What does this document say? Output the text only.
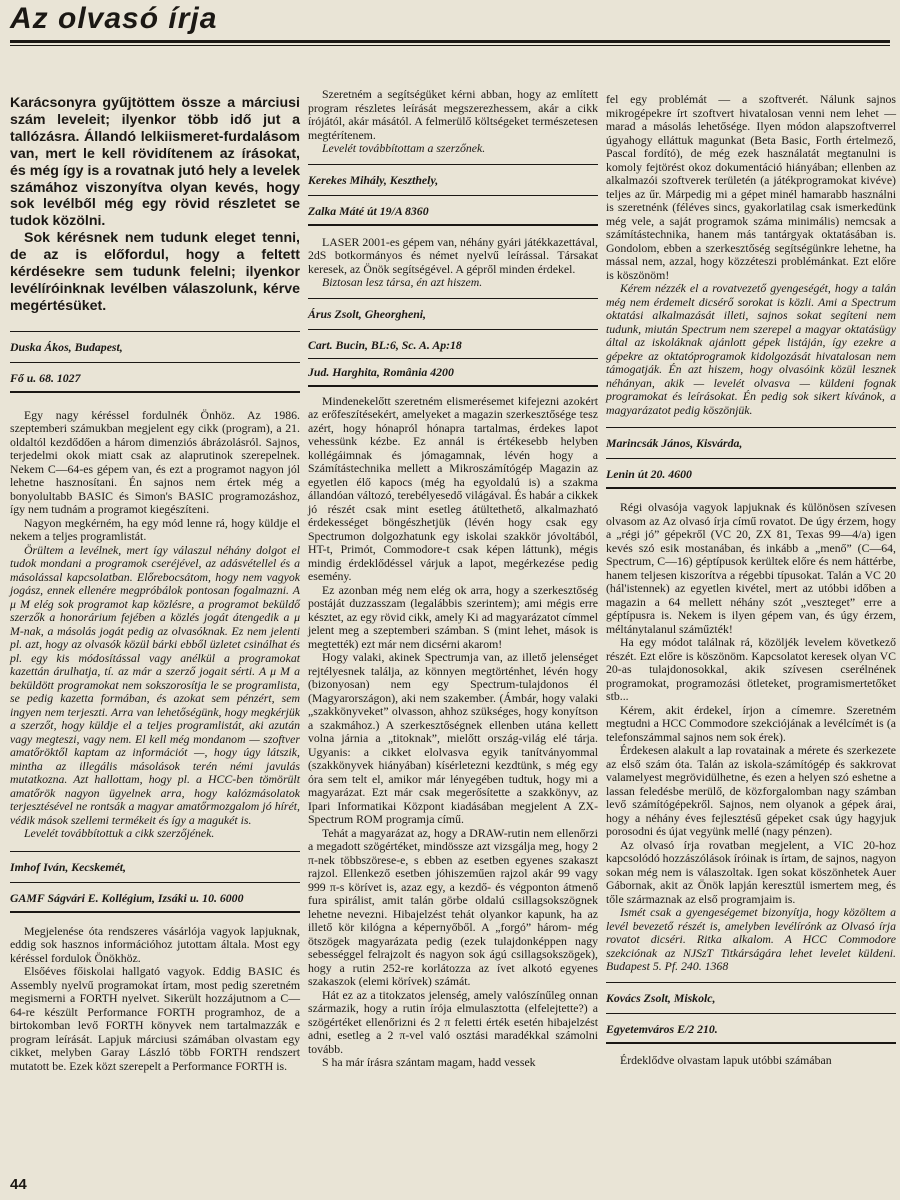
Az olvasó írja

Karácsonyra gyűjtöttem össze a márciusi szám leveleit; ilyenkor több idő jut a tallózásra. Állandó lelkiismeret-furdalásom van, mert le kell rövidítenem az írásokat, és még így is a rovatnak jutó hely a levelek számához viszonyítva olyan kevés, hogy sok levélből még egy rövid részletet se tudok közölni.

Sok kérésnek nem tudunk eleget tenni, de az is előfordul, hogy a feltett kérdésekre sem tudunk felelni; ilyenkor levélíróinknak levélben válaszolunk, kérve megértésüket.

Duska Ákos, Budapest,

Fő u. 68. 1027

Egy nagy kéréssel fordulnék Önhöz. Az 1986. szeptemberi számukban megjelent egy cikk (program), a 21. oldaltól kezdődően a három dimenziós ábrázolásról. Sajnos, terjedelmi okok miatt csak az alaprutinok szerepelnek. Nekem C—64-es gépem van, és ezt a programot nagyon jól lehetne hasznosítani. Én sajnos nem értek még a bonyolultabb BASIC és Simon's BASIC programozáshoz, így nem tudnám a programot kiegészíteni.

Nagyon megkérném, ha egy mód lenne rá, hogy küldje el nekem a teljes programlistát.

Örültem a levélnek, mert így válaszul néhány dolgot el tudok mondani a programok cseréjével, az adásvétellel és a másolással kapcsolatban. Előrebocsátom, hogy nem vagyok jogász, ennek ellenére megpróbálok pontosan fogalmazni. A μ M elég sok programot kap közlésre, a programot beküldő szerzők a honorárium fejében a közlés jogát átengedik a μ M-nak, a másolás jogát pedig az olvasóknak. Ez nem jelenti pl. azt, hogy az olvasók közül bárki ebből üzletet csinálhat és pl. egy kis módosítással vagy anélkül a programokat kazettán árulhatja, tí. az már a szerző jogait sérti. A μ M a beküldött programokat nem sokszorosítja le se programlista, se pedig kazetta formában, és azokat sem pénzért, sem ingyen nem terjeszti. Arra van lehetőségünk, hogy megkérjük a szerzőt, hogy küldje el a teljes programlistát, aki azután vagy megteszi, vagy nem. El kell még mondanom — szoftver amatőröktől kaptam az információt —, hogy úgy látszik, mintha az illegális másolások terén némi javulás mutatkozna. Azt hallottam, hogy pl. a HCC-ben tömörült amatőrök nagyon ügyelnek arra, hogy kalózmásolatok terjesztésével ne rontsák a magyar amatőrmozgalom jó hírét, védik mások szellemi termékeit és így a magukét is.

Levelét továbbítottuk a cikk szerzőjének.

Imhof Iván, Kecskemét,

GAMF Ságvári E. Kollégium, Izsáki u. 10. 6000

Megjelenése óta rendszeres vásárlója vagyok lapjuknak, eddig sok hasznos információhoz jutottam általa. Most egy kéréssel fordulok Önökhöz.

Elsőéves főiskolai hallgató vagyok. Eddig BASIC és Assembly nyelvű programokat írtam, most pedig szeretném megismerni a FORTH nyelvet. Sikerült hozzájutnom a C—64-re készült Performance FORTH programhoz, de a birtokomban levő FORTH könyvek nem tartalmazzák e program leírását. Lapjuk márciusi számában olvastam egy cikket, melyben Garay László több FORTH rendszert mutatott be. Ezek közt szerepelt a Performance FORTH is.

Szeretném a segítségüket kérni abban, hogy az említett program részletes leírását megszerezhessem, akár a cikk írójától, akár másától. A felmerülő költségeket természetesen megtérítenem.

Levelét továbbítottam a szerzőnek.

Kerekes Mihály, Keszthely,

Zalka Máté út 19/A 8360

LASER 2001-es gépem van, néhány gyári játékkazettával, 2dS botkormányos és német nyelvű leírással. Társakat keresek, az Önök segítségével. A gépről minden érdekel.

Biztosan lesz társa, én azt hiszem.

Árus Zsolt, Gheorgheni,

Cart. Bucin, BL:6, Sc. A. Ap:18

Jud. Harghita, România 4200

Mindenekelőtt szeretném elismerésemet kifejezni azokért az erőfeszítésekért, amelyeket a magazin szerkesztősége tesz azért, hogy hónapról hónapra tartalmas, érdekes lapot vehessünk kézbe. Ez annál is értékesebb helyben kollégáimnak és jómagamnak, lévén hogy a Számítástechnika mellett a Mikroszámítógép Magazin az egyetlen élő kapocs (még ha egyoldalú is) a szakma állandóan változó, terebélyesedő világával. És habár a cikkek jó részét csak mint esetleg átültethető, alkalmazható érdekességet böngészhetjük (lévén hogy csak egy Spectrumon dolgozhatunk egy iskolai szakkör jóvoltából, HT-t, Primót, Commodore-t csak képen láttunk), mégis mindig érdeklődéssel várjuk a lapot, megérkezése pedig esemény.

Ez azonban még nem elég ok arra, hogy a szerkesztőség postáját duzzasszam (legalábbis szerintem); ami mégis erre késztet, az egy rövid cikk, amely Ki ad magyarázatot címmel jelent meg a szeptemberi számban. S (mint lehet, mások is megtették) ezt már nem dicsérni akarom!

Hogy valaki, akinek Spectrumja van, az illető jelenséget rejtélyesnek találja, az könnyen megtörténhet, lévén hogy (bizonyosan) nem egy Spectrum-tulajdonos él (Magyarországon), aki nem szakember. (Ámbár, hogy valaki „szakkönyveket” olvasson, ahhoz szükséges, hogy konyítson a szakmához.) A szerkesztőségnek ellenben utána kellett volna járnia a „titoknak”, mielőtt ország-világ elé tárja. Ugyanis: a cikket elolvasva egyik tanítványommal (szakkönyvek hiányában) kísérletezni kezdtünk, s még egy óra sem telt el, amikor már lényegében tudtuk, hogy mi a magyarázat. Ezt már csak megerősítette a szakkönyv, az Ipari Informatikai Központ kiadásában megjelent A ZX-Spectrum ROM programja című.

Tehát a magyarázat az, hogy a DRAW-rutin nem ellenőrzi a megadott szögértéket, mindössze azt vizsgálja meg, hogy 2 π-nek többszörese-e, s ebben az esetben egyenes szakaszt rajzol. Ellenkező esetben jóhiszeműen rajzol akár 99 vagy 999 π-s körívet is, azaz egy, a kezdő- és végponton átmenő fura spirálist, amit talán görbe oldalú csillagsokszögnek lehetne nevezni. Hibajelzést tehát olyankor kapunk, ha az illető kör kilógna a képernyőből. A „forgó” három- még ötszögek magyarázata pedig (ezek tulajdonképpen nagy sebességgel felrajzolt és nagyon sok ágú csillagsokszögek), hogy a rutin 252-re korlátozza az ívet alkotó egyenes szakaszok (elemi körívek) számát.

Hát ez az a titokzatos jelenség, amely valószínűleg onnan származik, hogy a rutin írója elmulasztotta (elfelejtette?) a szögértéket ellenőrizni és 2 π feletti érték esetén hibajelzést adni, esetleg a 2 π-vel való osztási maradékkal számolni tovább.

S ha már írásra szántam magam, hadd vessek

fel egy problémát — a szoftverét. Nálunk sajnos mikrogépekre írt szoftvert hivatalosan venni nem lehet — marad a másolás lehetősége. Ilyen módon alapszoftverrel úgyahogy elláttuk magunkat (Beta Basic, Forth értelmező, Pascal fordító), de még ezek használatát megtanulni is komoly fejtörést okoz dokumentáció hiányában; ellenben az alkalmazói szoftverek területén (a játékprogramokat kivéve) teljes az űr. Márpedig mi a gépet minél hamarabb használni is szeretnénk (féléves sincs, gyakorlatilag csak ismerkedünk még vele, a saját programok száma minimális) nemcsak a számítástechnika, hanem más tantárgyak oktatásában is. Gondolom, ebben a szerkesztőség segítségünkre lehetne, ha mással nem, azzal, hogy közzéteszi problémánkat. Ezt előre is köszönöm!

Kérem nézzék el a rovatvezető gyengeségét, hogy a talán még nem érdemelt dicsérő sorokat is közli. Ami a Spectrum oktatási alkalmazását illeti, sajnos sokat segíteni nem tudunk, miután Spectrum nem szerepel a magyar oktatásügy által az iskoláknak ajánlott gépek listáján, így ezekre a gépekre az oktatóprogramok kidolgozását hivatalosan nem támogatják. Én azt hiszem, hogy olvasóink közül lesznek néhányan, akik — levelét olvasva — küldeni fognak programokat és leírásokat. Én pedig sok sikert kívánok, a magyarázatot pedig köszönjük.

Marincsák János, Kisvárda,

Lenin út 20. 4600

Régi olvasója vagyok lapjuknak és különösen szívesen olvasom az Az olvasó írja című rovatot. De úgy érzem, hogy a „régi jó” gépekről (VC 20, ZX 81, Texas 99—4/a) igen kevés szó esik mostanában, és inkább a „menő” (C—64, Spectrum, C—16) géptípusok kerültek előre és nem háttérbe, hanem teljesen kiszorítva a régebbi típusokat. Talán a VC 20 (hál'istennek) az egyetlen kivétel, mert az utóbbi időben a magazin a 64 mellett néhány szót „veszteget” erre a géptípusra is. Nekem is ilyen gépem van, és úgy érzem, méltánytalanul száműzték!

Ha egy módot találnak rá, közöljék levelem következő részét. Ezt előre is köszönöm. Kapcsolatot keresek olyan VC 20-as tulajdonosokkal, akik szívesen cserélnének programokat, programozási ötleteket, programismertetőket stb...

Kérem, akit érdekel, írjon a címemre. Szeretném megtudni a HCC Commodore szekciójának a levélcímét is (a telefonszámmal sajnos nem sok érek).

Érdekesen alakult a lap rovatainak a mérete és szerkezete az első szám óta. Talán az iskola-számítógép és sakkrovat valamelyest megrövidülhetne, és ezen a helyen szó eshetne a lassan feledésbe merülő, de közforgalomban nagy számban levő számítógépekről. Sajnos, nem olyanok a gépek árai, hogy a néhány éves fejlesztésű gépeket csak úgy hagyjuk porosodni és újat vegyünk mellé (nagy pénzen).

Az olvasó írja rovatban megjelent, a VIC 20-hoz kapcsolódó hozzászólások íróinak is írtam, de sajnos, nagyon sokan még nem is válaszoltak. Igen sokat köszönhetek Auer Gábornak, akit az Önök lapján keresztül ismertem meg, és tőle származnak az első programjaim is.

Ismét csak a gyengeségemet bizonyítja, hogy közöltem a levél bevezető részét is, amelyben levélírónk az Olvasó írja rovatot dicséri. Ritka alkalom. A HCC Commodore szekciónak az NJSzT Titkárságára lehet levelet küldeni. Budapest 5. Pf. 240. 1368

Kovács Zsolt, Miskolc,

Egyetemváros E/2 210.

Érdeklődve olvastam lapuk utóbbi számában

44
